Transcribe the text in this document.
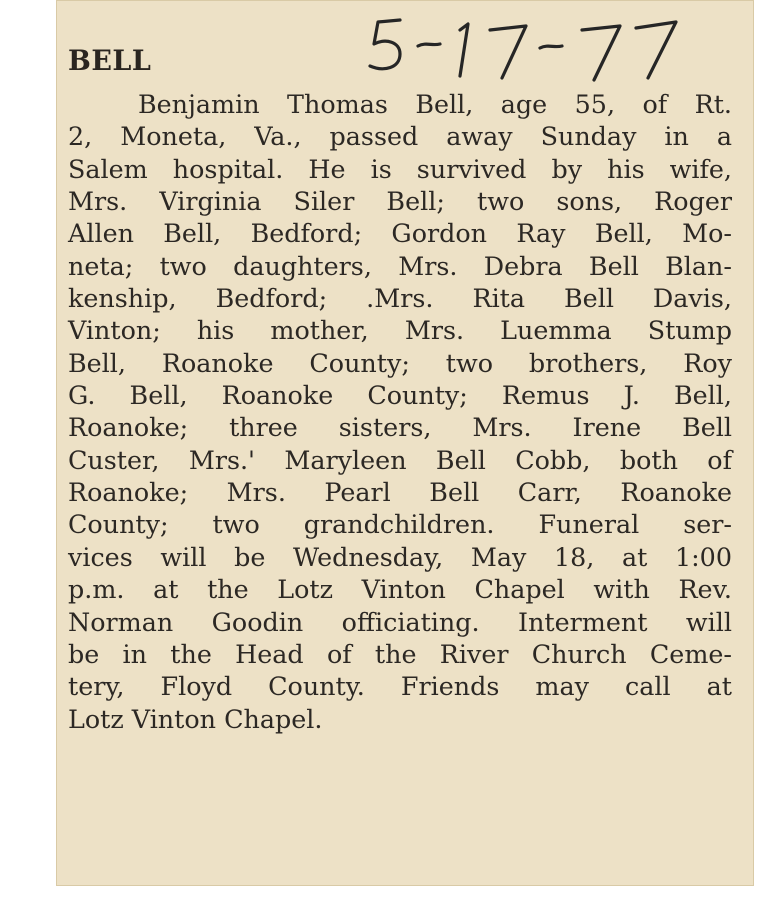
BELL

Benjamin Thomas Bell, age 55, of Rt.
2, Moneta, Va., passed away Sunday in a
Salem hospital. He is survived by his wife,
Mrs. Virginia Siler Bell; two sons, Roger
Allen Bell, Bedford; Gordon Ray Bell, Mo-
neta; two daughters, Mrs. Debra Bell Blan-
kenship, Bedford; .Mrs. Rita Bell Davis,
Vinton; his mother, Mrs. Luemma Stump
Bell, Roanoke County; two brothers, Roy
G. Bell, Roanoke County; Remus J. Bell,
Roanoke; three sisters, Mrs. Irene Bell
Custer, Mrs.' Maryleen Bell Cobb, both of
Roanoke; Mrs. Pearl Bell Carr, Roanoke
County; two grandchildren. Funeral ser-
vices will be Wednesday, May 18, at 1:00
p.m. at the Lotz Vinton Chapel with Rev.
Norman Goodin officiating. Interment will
be in the Head of the River Church Ceme-
tery, Floyd County. Friends may call at
Lotz Vinton Chapel.
